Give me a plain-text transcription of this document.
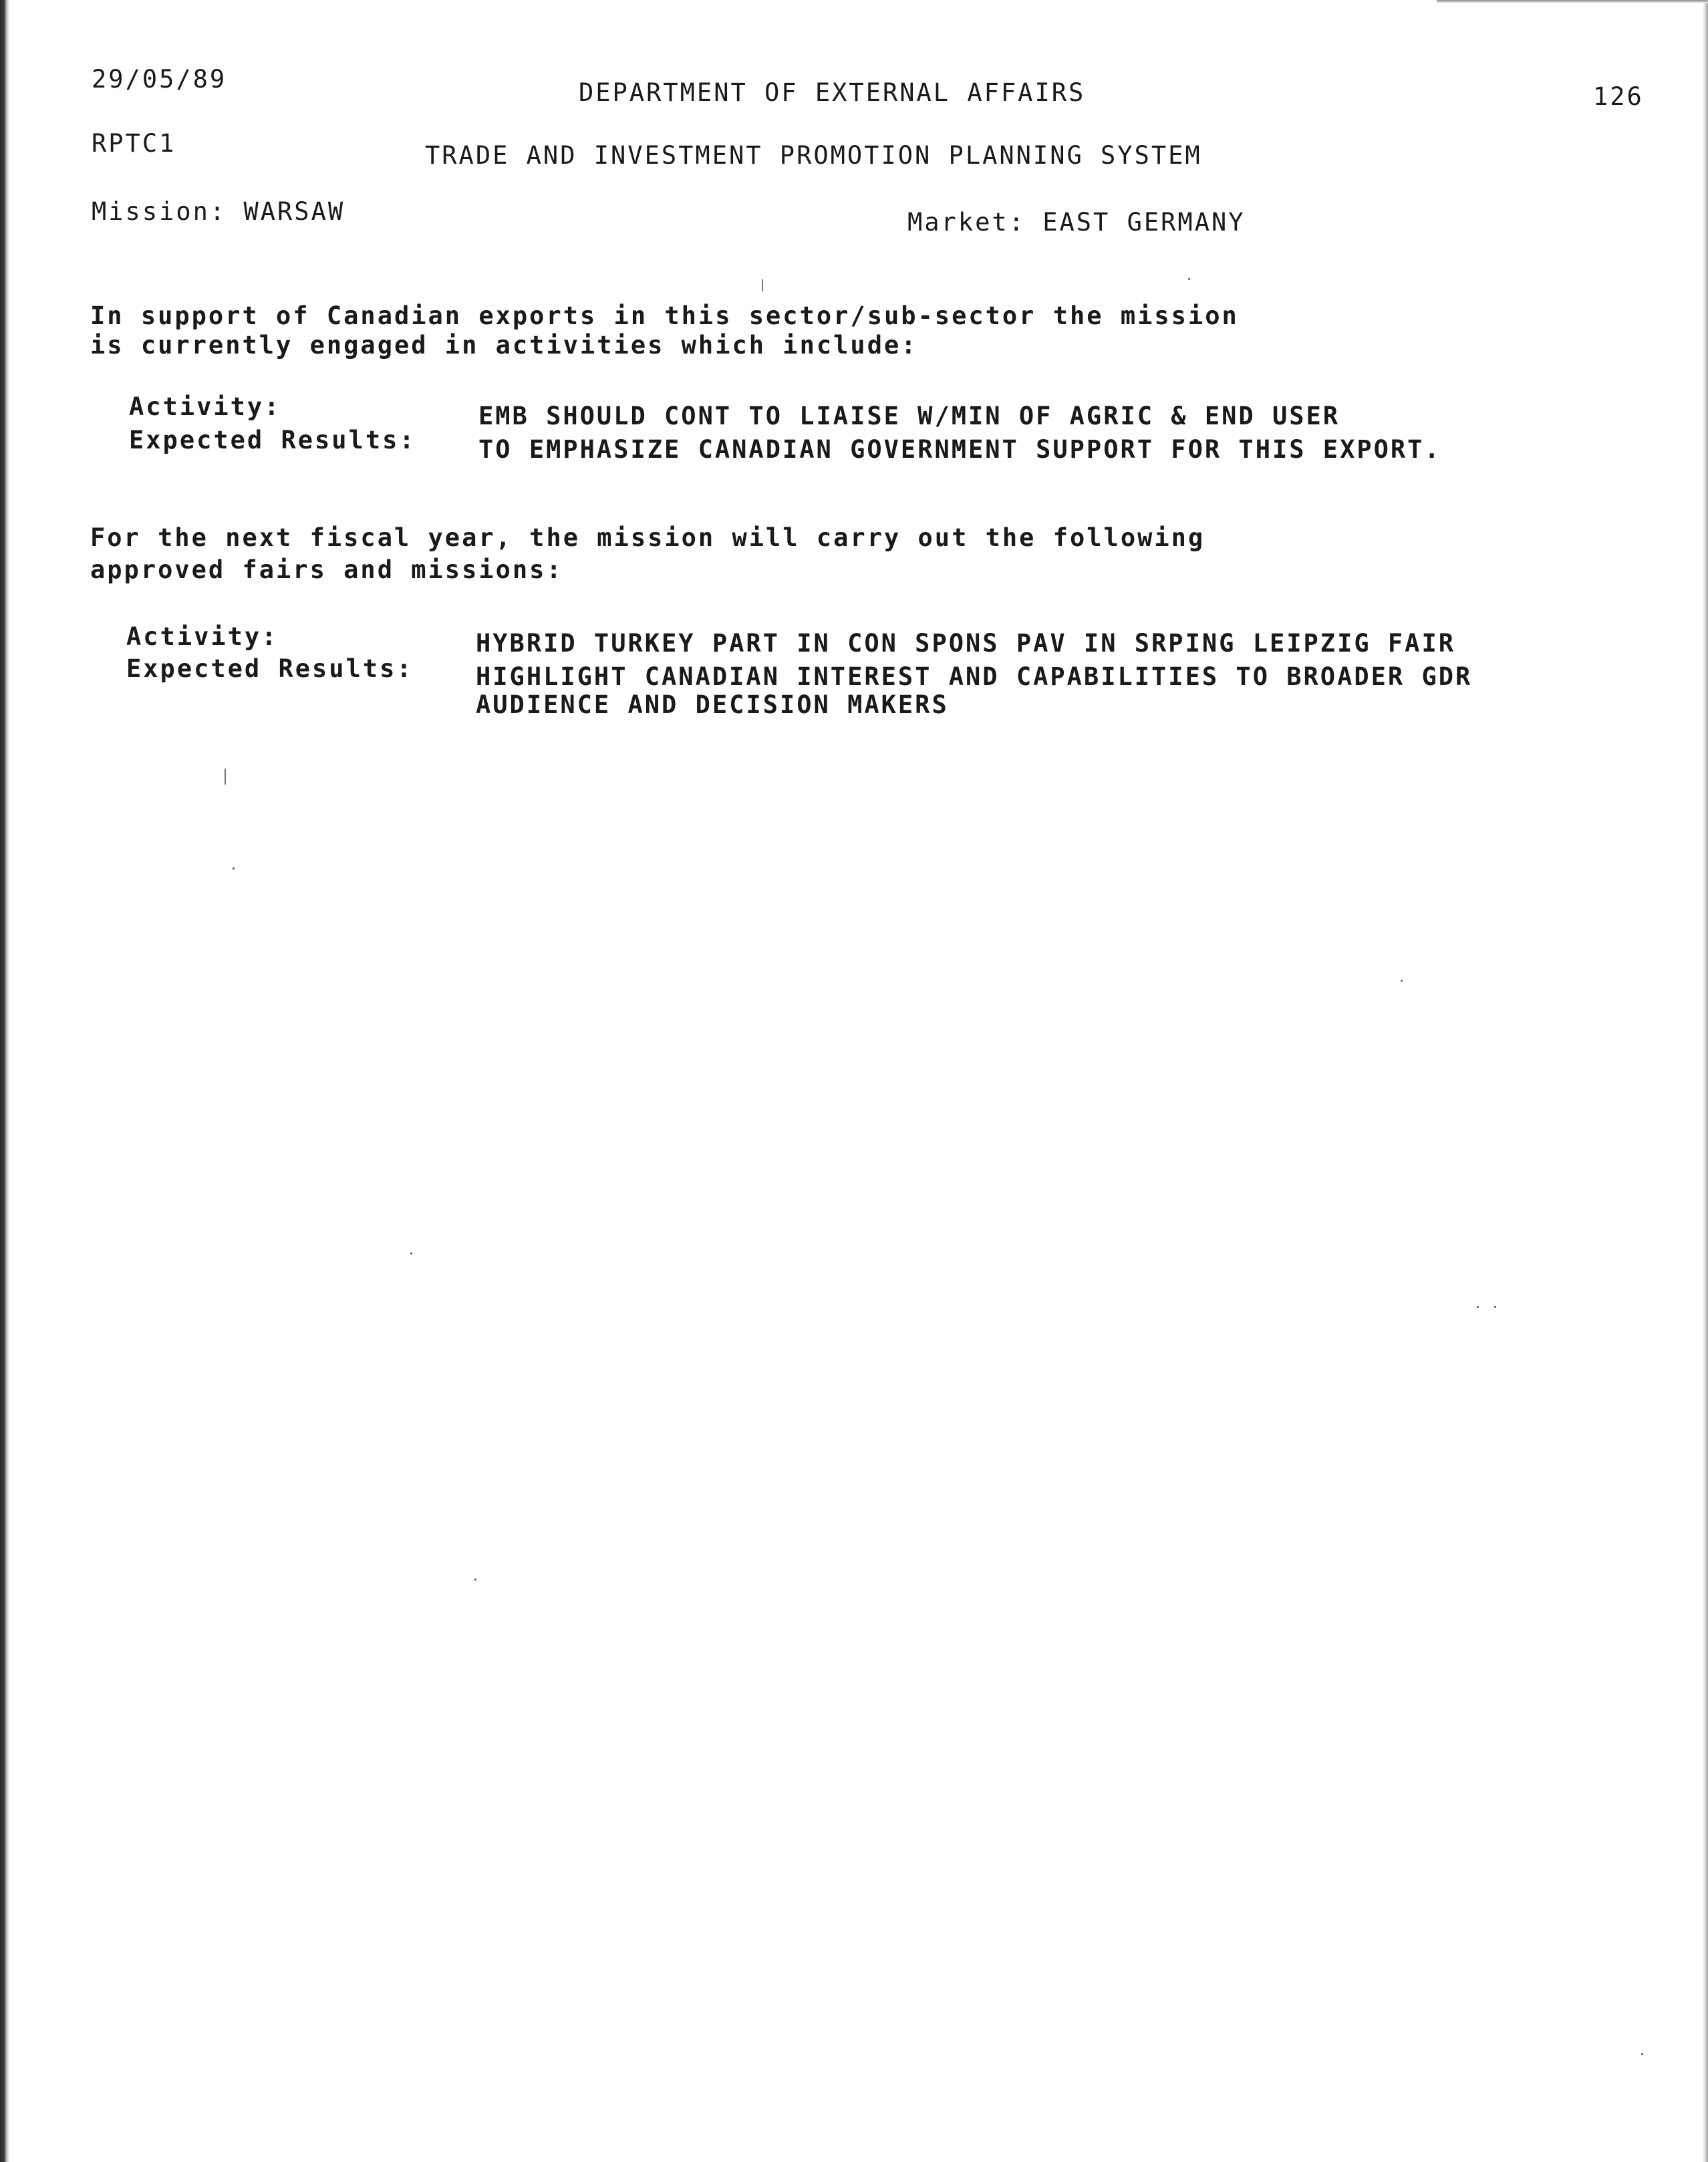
29/05/89	DEPARTMENT OF EXTERNAL AFFAIRS	126
RPTC1	TRADE AND INVESTMENT PROMOTION PLANNING SYSTEM
Mission: WARSAW	Market: EAST GERMANY
In support of Canadian exports in this sector/sub-sector the mission
is currently engaged in activities which include:
Activity:	EMB SHOULD CONT TO LIAISE W/MIN OF AGRIC & END USER
Expected Results:	TO EMPHASIZE CANADIAN GOVERNMENT SUPPORT FOR THIS EXPORT.
For the next fiscal year, the mission will carry out the following
approved fairs and missions:
Activity:	HYBRID TURKEY PART IN CON SPONS PAV IN SRPING LEIPZIG FAIR
Expected Results:	HIGHLIGHT CANADIAN INTEREST AND CAPABILITIES TO BROADER GDR
AUDIENCE AND DECISION MAKERS
